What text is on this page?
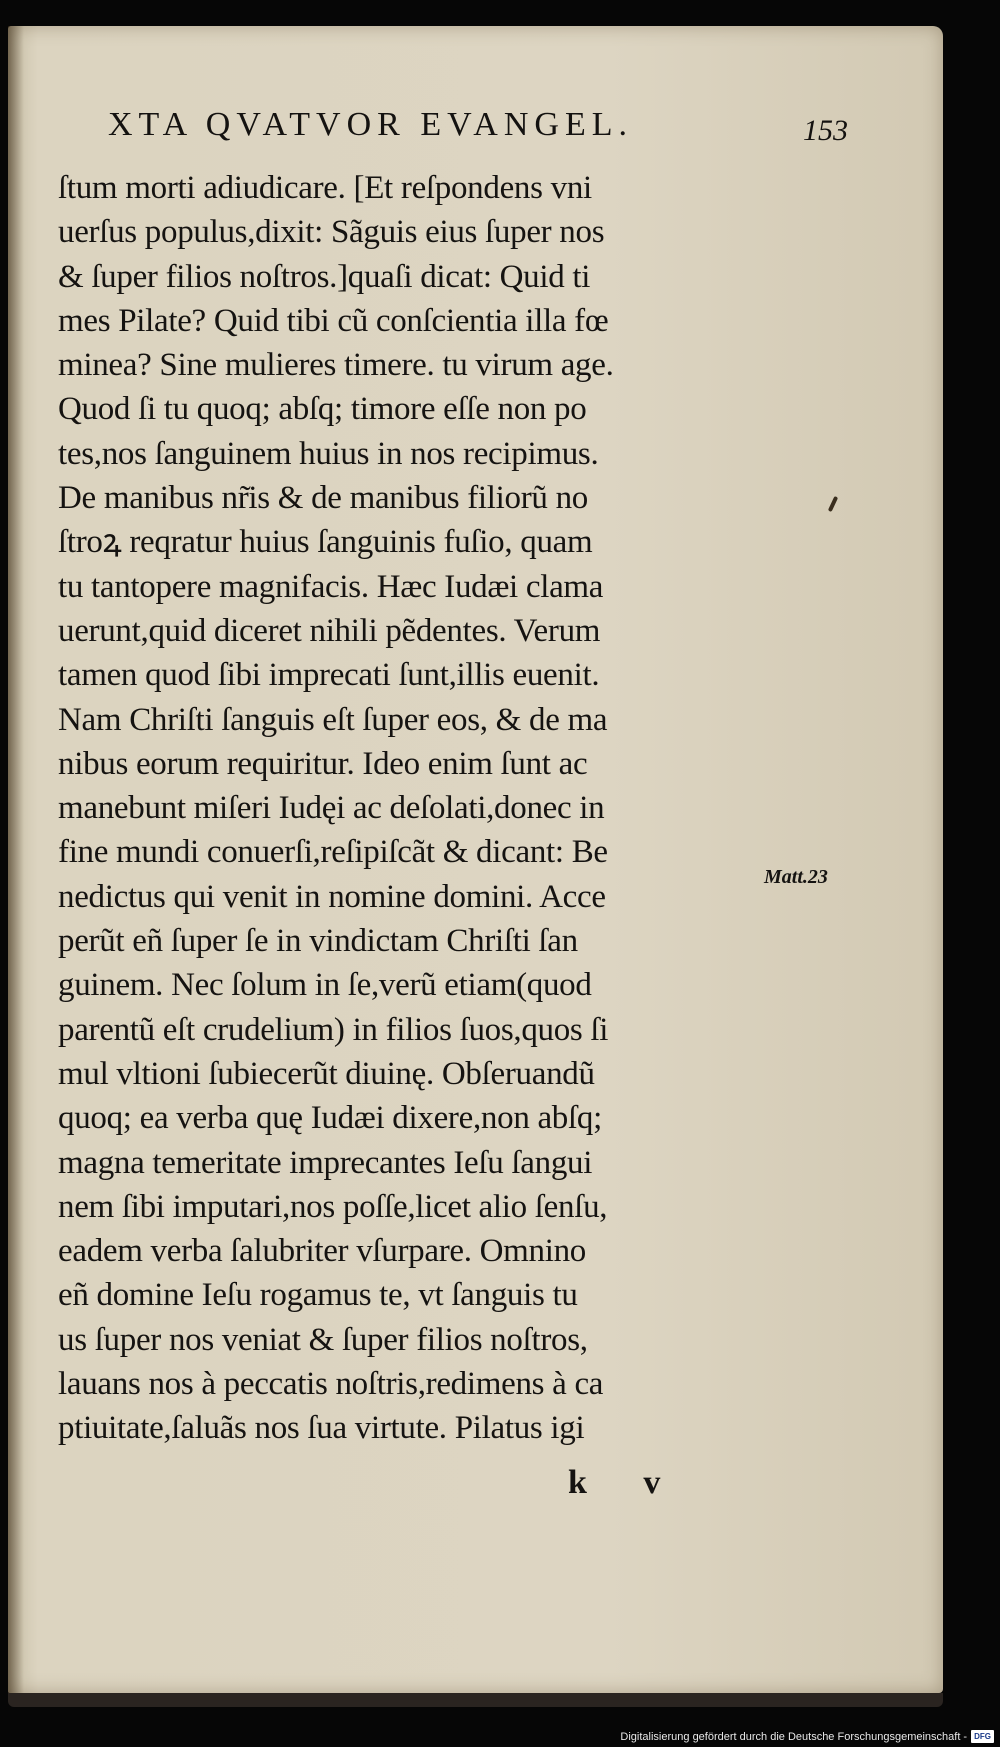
XTA QVATVOR EVANGEL.	153
ſtum morti adiudicare. [Et reſpondens vni
uerſus populus,dixit: Sãguis eius ſuper nos
& ſuper filios noſtros.]quaſi dicat: Quid ti
mes Pilate? Quid tibi cũ conſcientia illa fœ
minea? Sine mulieres timere. tu virum age.
Quod ſi tu quoq; abſq; timore eſſe non po
tes,nos ſanguinem huius in nos recipimus.
De manibus nr̃is & de manibus filiorũ no
ſtroꝝ reqratur huius ſanguinis fuſio, quam
tu tantopere magnifacis. Hæc Iudæi clama
uerunt,quid diceret nihili pẽdentes. Verum
tamen quod ſibi imprecati ſunt,illis euenit.
Nam Chriſti ſanguis eſt ſuper eos, & de ma
nibus eorum requiritur. Ideo enim ſunt ac
manebunt miſeri Iudęi ac deſolati,donec in
fine mundi conuerſi,reſipiſcãt & dicant: Be
nedictus qui venit in nomine domini. Acce
perũt eñ ſuper ſe in vindictam Chriſti ſan
guinem. Nec ſolum in ſe,verũ etiam(quod
parentũ eſt crudelium) in filios ſuos,quos ſi
mul vltioni ſubiecerũt diuinę. Obſeruandũ
quoq; ea verba quę Iudæi dixere,non abſq;
magna temeritate imprecantes Ieſu ſangui
nem ſibi imputari,nos poſſe,licet alio ſenſu,
eadem verba ſalubriter vſurpare. Omnino
eñ domine Ieſu rogamus te, vt ſanguis tu
us ſuper nos veniat & ſuper filios noſtros,
lauans nos à peccatis noſtris,redimens à ca
ptiuitate,ſaluãs nos ſua virtute. Pilatus igi
Matt.23
k v
Digitalisierung gefördert durch die Deutsche Forschungsgemeinschaft - DFG
